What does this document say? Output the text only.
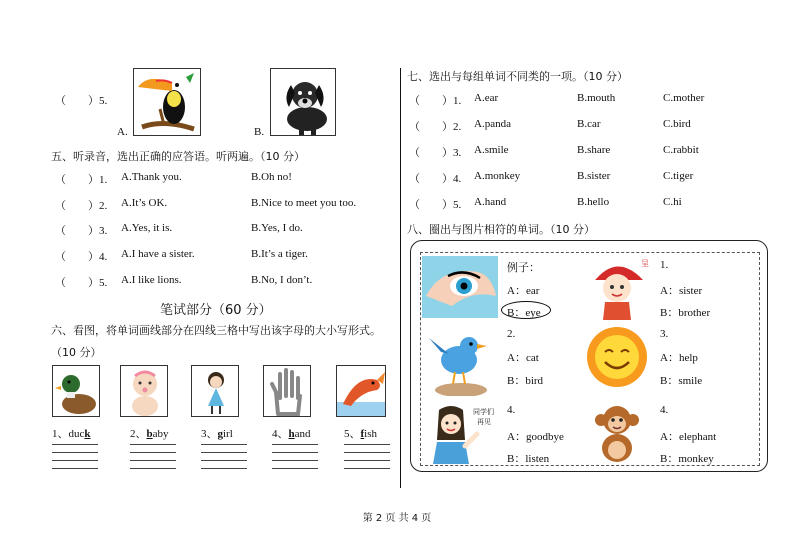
（　　）5.
A.	B.
五、听录音，选出正确的应答语。听两遍。（10 分）
（　　）1. A.Thank you.	B.Oh no!
（　　）2. A.It’s OK.	B.Nice to meet you too.
（　　）3. A.Yes, it is.	B.Yes, I do.
（　　）4. A.I have a sister.	B.It’s a tiger.
（　　）5. A.I like lions.	B.No, I don’t.
笔试部分（60 分）
六、看图，将单词画线部分在四线三格中写出该字母的大小写形式。
（10 分）
1、duck	2、baby	3、girl	4、hand	5、fish
七、选出与每组单词不同类的一项。（10 分）
（　　）1. A.ear	B.mouth	C.mother
（　　）2. A.panda	B.car	C.bird
（　　）3. A.smile	B.share	C.rabbit
（　　）4. A.monkey	B.sister	C.tiger
（　　）5. A.hand	B.hello	C.hi
八、圈出与图片相符的单词。（10 分）
例子：
A：ear
B：eye
呈 1.
A：sister
B：brother
2.
A：cat
B：bird
3.
A：help
B：smile
同学们
再见
4.
A：goodbye
B：listen
4.
A：elephant
B：monkey
第 2 页 共 4 页
